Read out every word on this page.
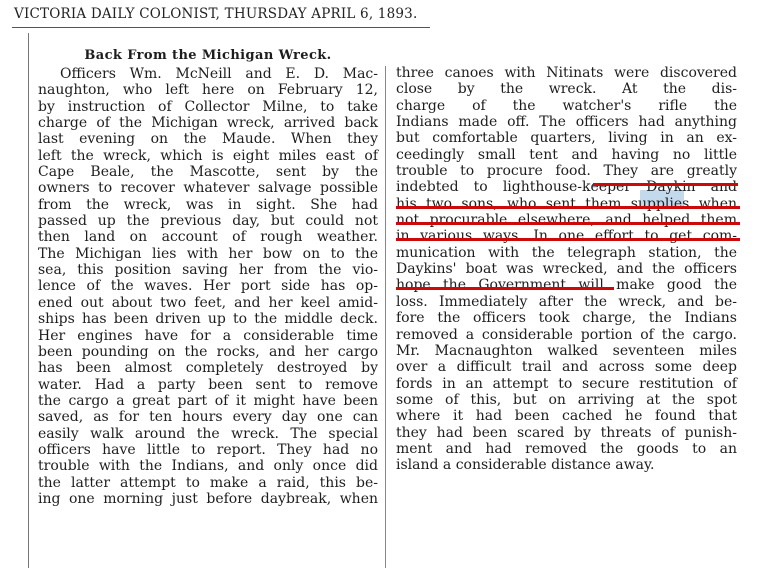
VICTORIA DAILY COLONIST, THURSDAY APRIL 6, 1893.
Back From the Michigan Wreck.
Officers Wm. McNeill and E. D. Mac-
naughton, who left here on February 12,
by instruction of Collector Milne, to take
charge of the Michigan wreck, arrived back
last evening on the Maude. When they
left the wreck, which is eight miles east of
Cape Beale, the Mascotte, sent by the
owners to recover whatever salvage possible
from the wreck, was in sight. She had
passed up the previous day, but could not
then land on account of rough weather.
The Michigan lies with her bow on to the
sea, this position saving her from the vio-
lence of the waves. Her port side has op-
ened out about two feet, and her keel amid-
ships has been driven up to the middle deck.
Her engines have for a considerable time
been pounding on the rocks, and her cargo
has been almost completely destroyed by
water. Had a party been sent to remove
the cargo a great part of it might have been
saved, as for ten hours every day one can
easily walk around the wreck. The special
officers have little to report. They had no
trouble with the Indians, and only once did
the latter attempt to make a raid, this be-
ing one morning just before daybreak, when
three canoes with Nitinats were discovered
close by the wreck. At the dis-
charge of the watcher's rifle the
Indians made off. The officers had anything
but comfortable quarters, living in an ex-
ceedingly small tent and having no little
trouble to procure food. They are greatly
indebted to lighthouse-keeper Daykin and
his two sons, who sent them supplies when
not procurable elsewhere, and helped them
in various ways. In one effort to get com-
munication with the telegraph station, the
Daykins' boat was wrecked, and the officers
hope the Government will make good the
loss. Immediately after the wreck, and be-
fore the officers took charge, the Indians
removed a considerable portion of the cargo.
Mr. Macnaughton walked seventeen miles
over a difficult trail and across some deep
fords in an attempt to secure restitution of
some of this, but on arriving at the spot
where it had been cached he found that
they had been scared by threats of punish-
ment and had removed the goods to an
island a considerable distance away.
